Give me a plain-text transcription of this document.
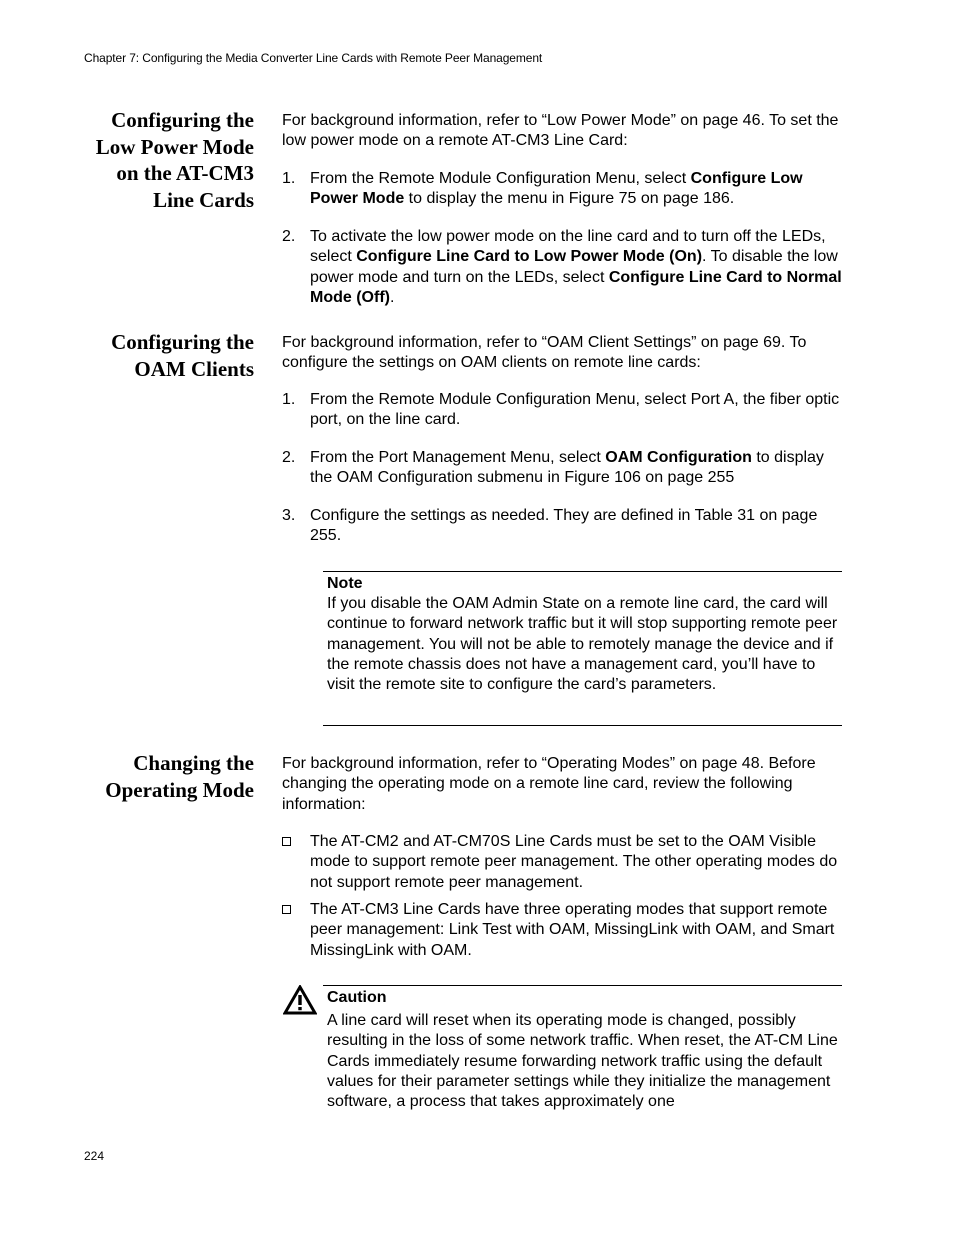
Chapter 7: Configuring the Media Converter Line Cards with Remote Peer Management
Configuring the
Low Power Mode
on the AT-CM3
Line Cards
For background information, refer to “Low Power Mode” on page 46. To set the low power mode on a remote AT-CM3 Line Card:
1. From the Remote Module Configuration Menu, select Configure Low Power Mode to display the menu in Figure 75 on page 186.
2. To activate the low power mode on the line card and to turn off the LEDs, select Configure Line Card to Low Power Mode (On). To disable the low power mode and turn on the LEDs, select Configure Line Card to Normal Mode (Off).
Configuring the
OAM Clients
For background information, refer to “OAM Client Settings” on page 69. To configure the settings on OAM clients on remote line cards:
1. From the Remote Module Configuration Menu, select Port A, the fiber optic port, on the line card.
2. From the Port Management Menu, select OAM Configuration to display the OAM Configuration submenu in Figure 106 on page 255
3. Configure the settings as needed. They are defined in Table 31 on page 255.
Note
If you disable the OAM Admin State on a remote line card, the card will continue to forward network traffic but it will stop supporting remote peer management. You will not be able to remotely manage the device and if the remote chassis does not have a management card, you’ll have to visit the remote site to configure the card’s parameters.
Changing the
Operating Mode
For background information, refer to “Operating Modes” on page 48. Before changing the operating mode on a remote line card, review the following information:
The AT-CM2 and AT-CM70S Line Cards must be set to the OAM Visible mode to support remote peer management. The other operating modes do not support remote peer management.
The AT-CM3 Line Cards have three operating modes that support remote peer management: Link Test with OAM, MissingLink with OAM, and Smart MissingLink with OAM.
Caution
A line card will reset when its operating mode is changed, possibly resulting in the loss of some network traffic. When reset, the AT-CM Line Cards immediately resume forwarding network traffic using the default values for their parameter settings while they initialize the management software, a process that takes approximately one
224
